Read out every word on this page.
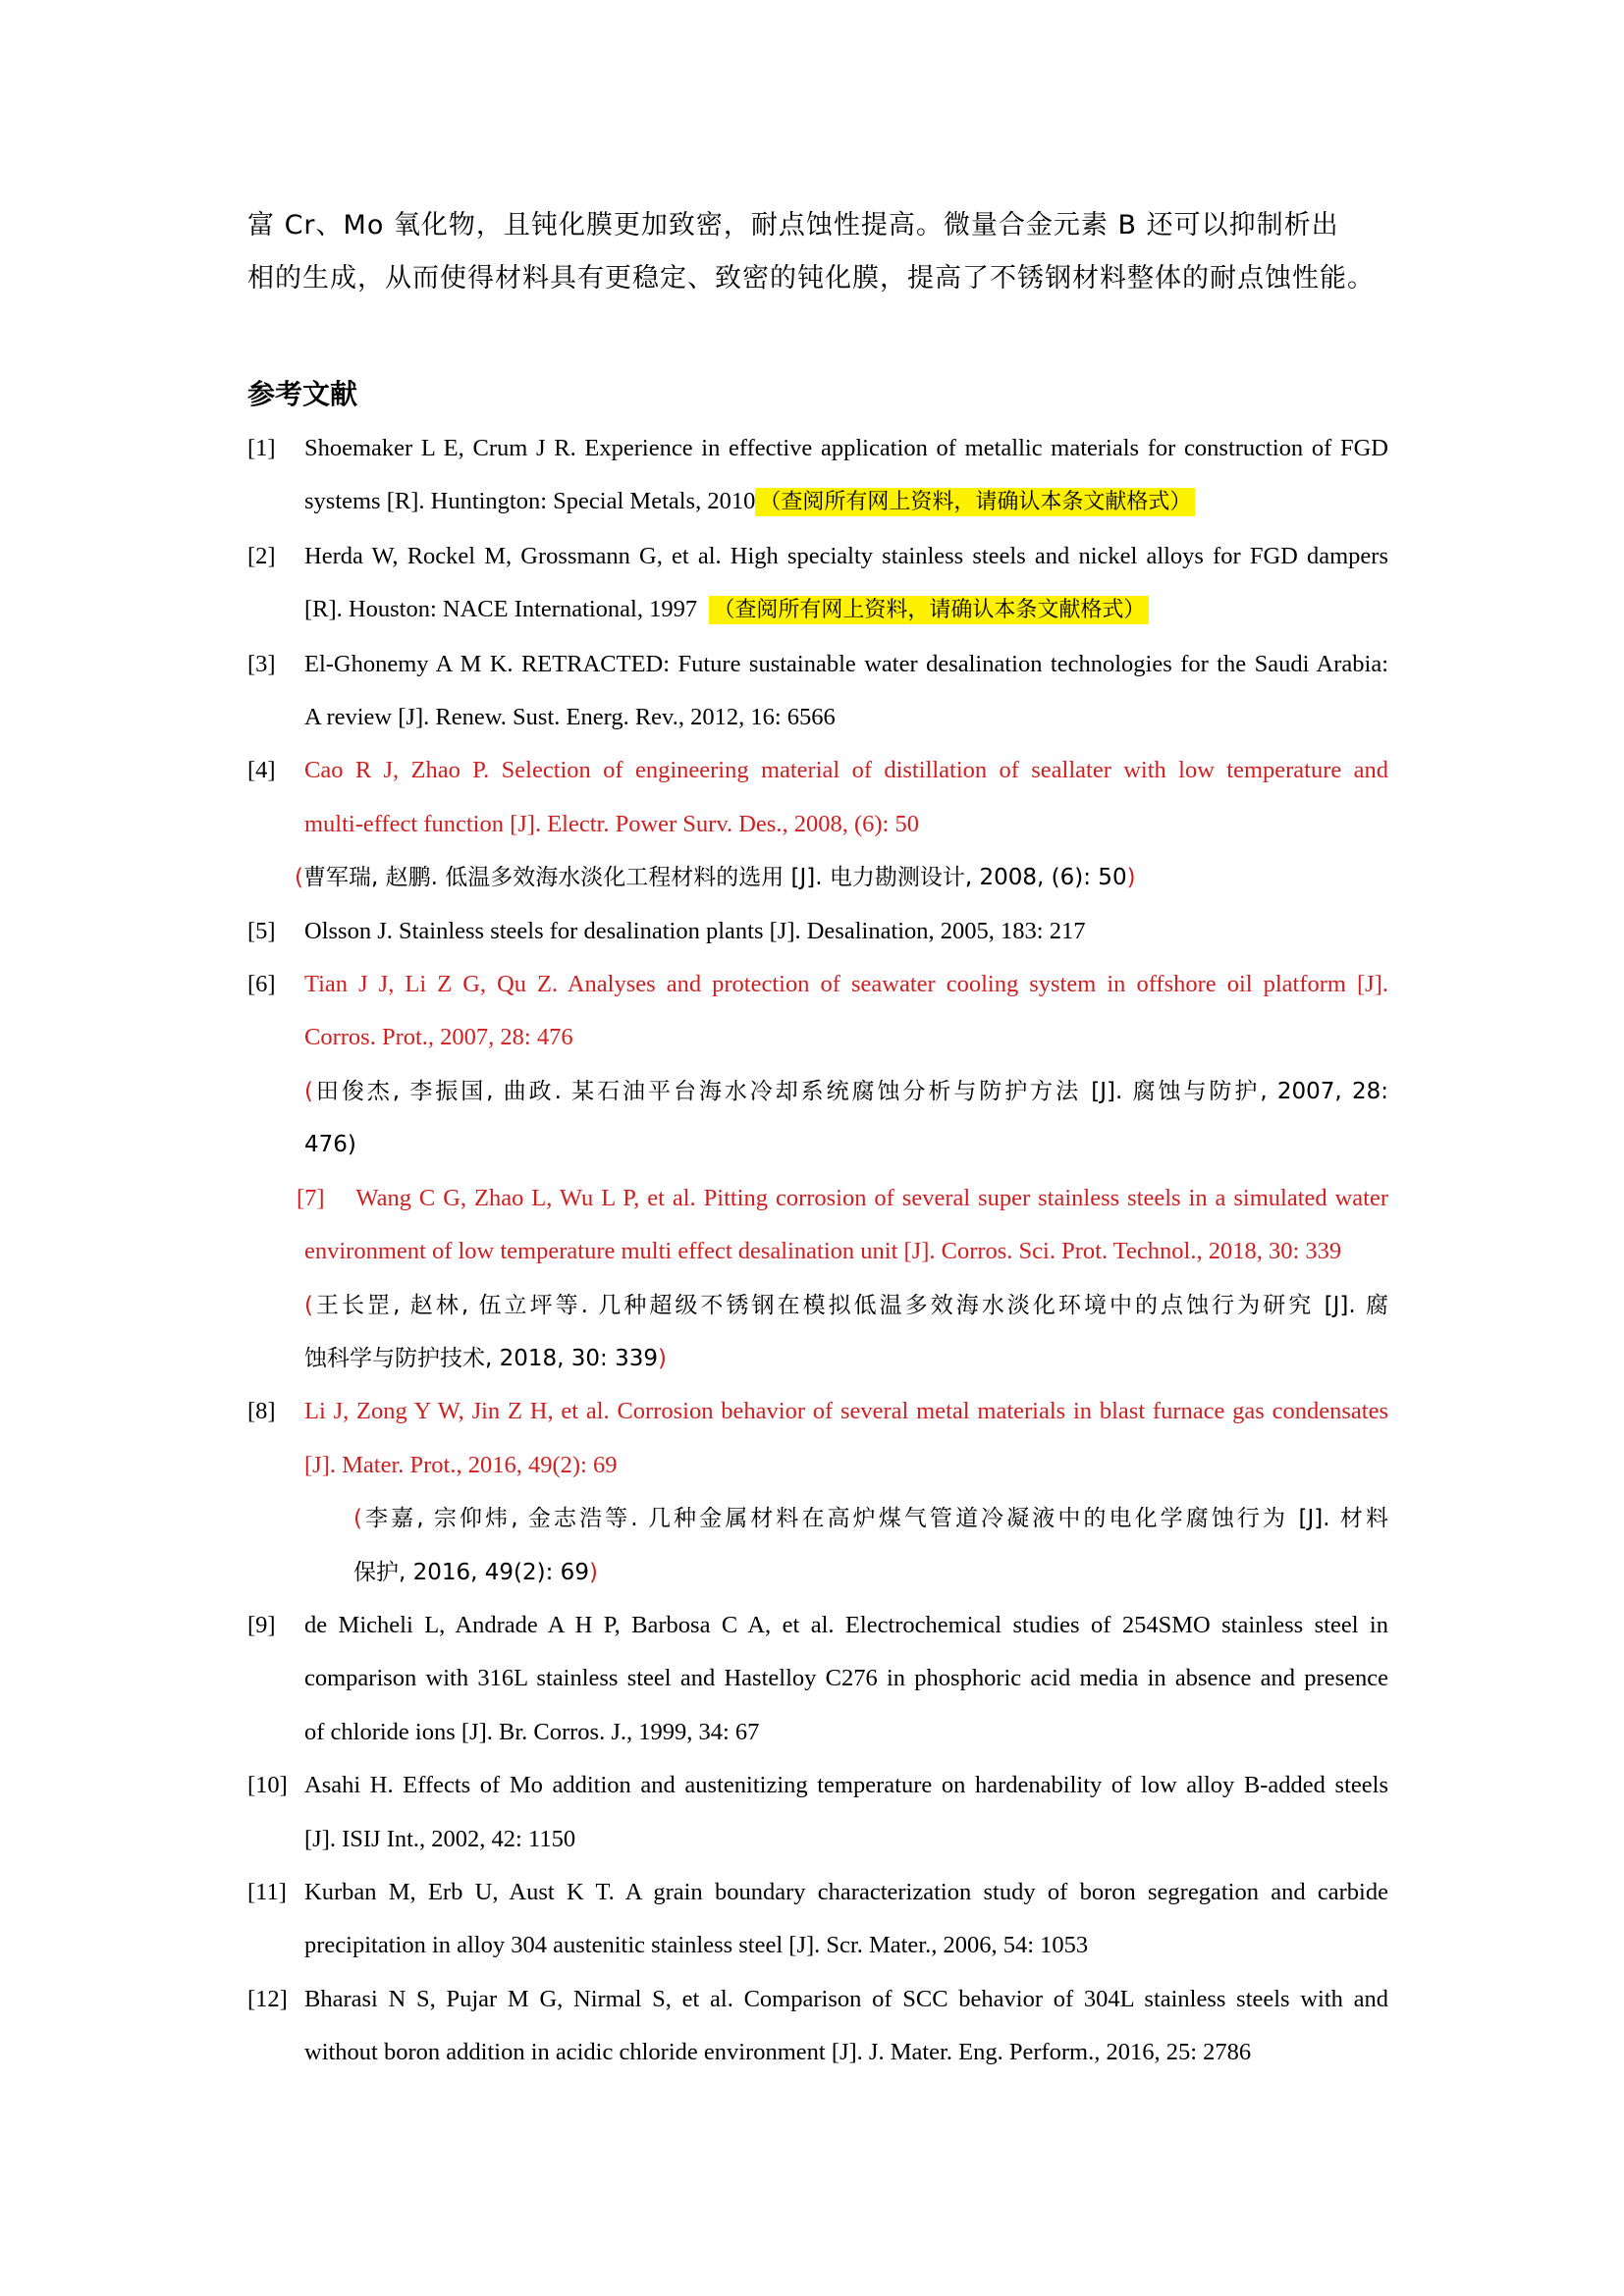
富 Cr、Mo 氧化物，且钝化膜更加致密，耐点蚀性提高。微量合金元素 B 还可以抑制析出
相的生成，从而使得材料具有更稳定、致密的钝化膜，提高了不锈钢材料整体的耐点蚀性能。
参考文献
[1] Shoemaker L E, Crum J R. Experience in effective application of metallic materials for construction of FGD
systems [R]. Huntington: Special Metals, 2010 （查阅所有网上资料，请确认本条文献格式）
[2] Herda W, Rockel M, Grossmann G, et al. High specialty stainless steels and nickel alloys for FGD dampers
[R]. Houston: NACE International, 1997 （查阅所有网上资料，请确认本条文献格式）
[3] El-Ghonemy A M K. RETRACTED: Future sustainable water desalination technologies for the Saudi Arabia:
A review [J]. Renew. Sust. Energ. Rev., 2012, 16: 6566
[4] Cao R J, Zhao P. Selection of engineering material of distillation of seallater with low temperature and
multi-effect function [J]. Electr. Power Surv. Des., 2008, (6): 50
(曹军瑞, 赵鹏. 低温多效海水淡化工程材料的选用 [J]. 电力勘测设计, 2008, (6): 50)
[5] Olsson J. Stainless steels for desalination plants [J]. Desalination, 2005, 183: 217
[6] Tian J J, Li Z G, Qu Z. Analyses and protection of seawater cooling system in offshore oil platform [J].
Corros. Prot., 2007, 28: 476
(田俊杰, 李振国, 曲政. 某石油平台海水冷却系统腐蚀分析与防护方法 [J]. 腐蚀与防护, 2007, 28:
476)
[7] Wang C G, Zhao L, Wu L P, et al. Pitting corrosion of several super stainless steels in a simulated water
environment of low temperature multi effect desalination unit [J]. Corros. Sci. Prot. Technol., 2018, 30: 339
(王长罡, 赵林, 伍立坪等. 几种超级不锈钢在模拟低温多效海水淡化环境中的点蚀行为研究 [J]. 腐
蚀科学与防护技术, 2018, 30: 339)
[8] Li J, Zong Y W, Jin Z H, et al. Corrosion behavior of several metal materials in blast furnace gas condensates
[J]. Mater. Prot., 2016, 49(2): 69
(李嘉, 宗仰炜, 金志浩等. 几种金属材料在高炉煤气管道冷凝液中的电化学腐蚀行为 [J]. 材料
保护, 2016, 49(2): 69)
[9] de Micheli L, Andrade A H P, Barbosa C A, et al. Electrochemical studies of 254SMO stainless steel in
comparison with 316L stainless steel and Hastelloy C276 in phosphoric acid media in absence and presence
of chloride ions [J]. Br. Corros. J., 1999, 34: 67
[10] Asahi H. Effects of Mo addition and austenitizing temperature on hardenability of low alloy B-added steels
[J]. ISIJ Int., 2002, 42: 1150
[11] Kurban M, Erb U, Aust K T. A grain boundary characterization study of boron segregation and carbide
precipitation in alloy 304 austenitic stainless steel [J]. Scr. Mater., 2006, 54: 1053
[12] Bharasi N S, Pujar M G, Nirmal S, et al. Comparison of SCC behavior of 304L stainless steels with and
without boron addition in acidic chloride environment [J]. J. Mater. Eng. Perform., 2016, 25: 2786
